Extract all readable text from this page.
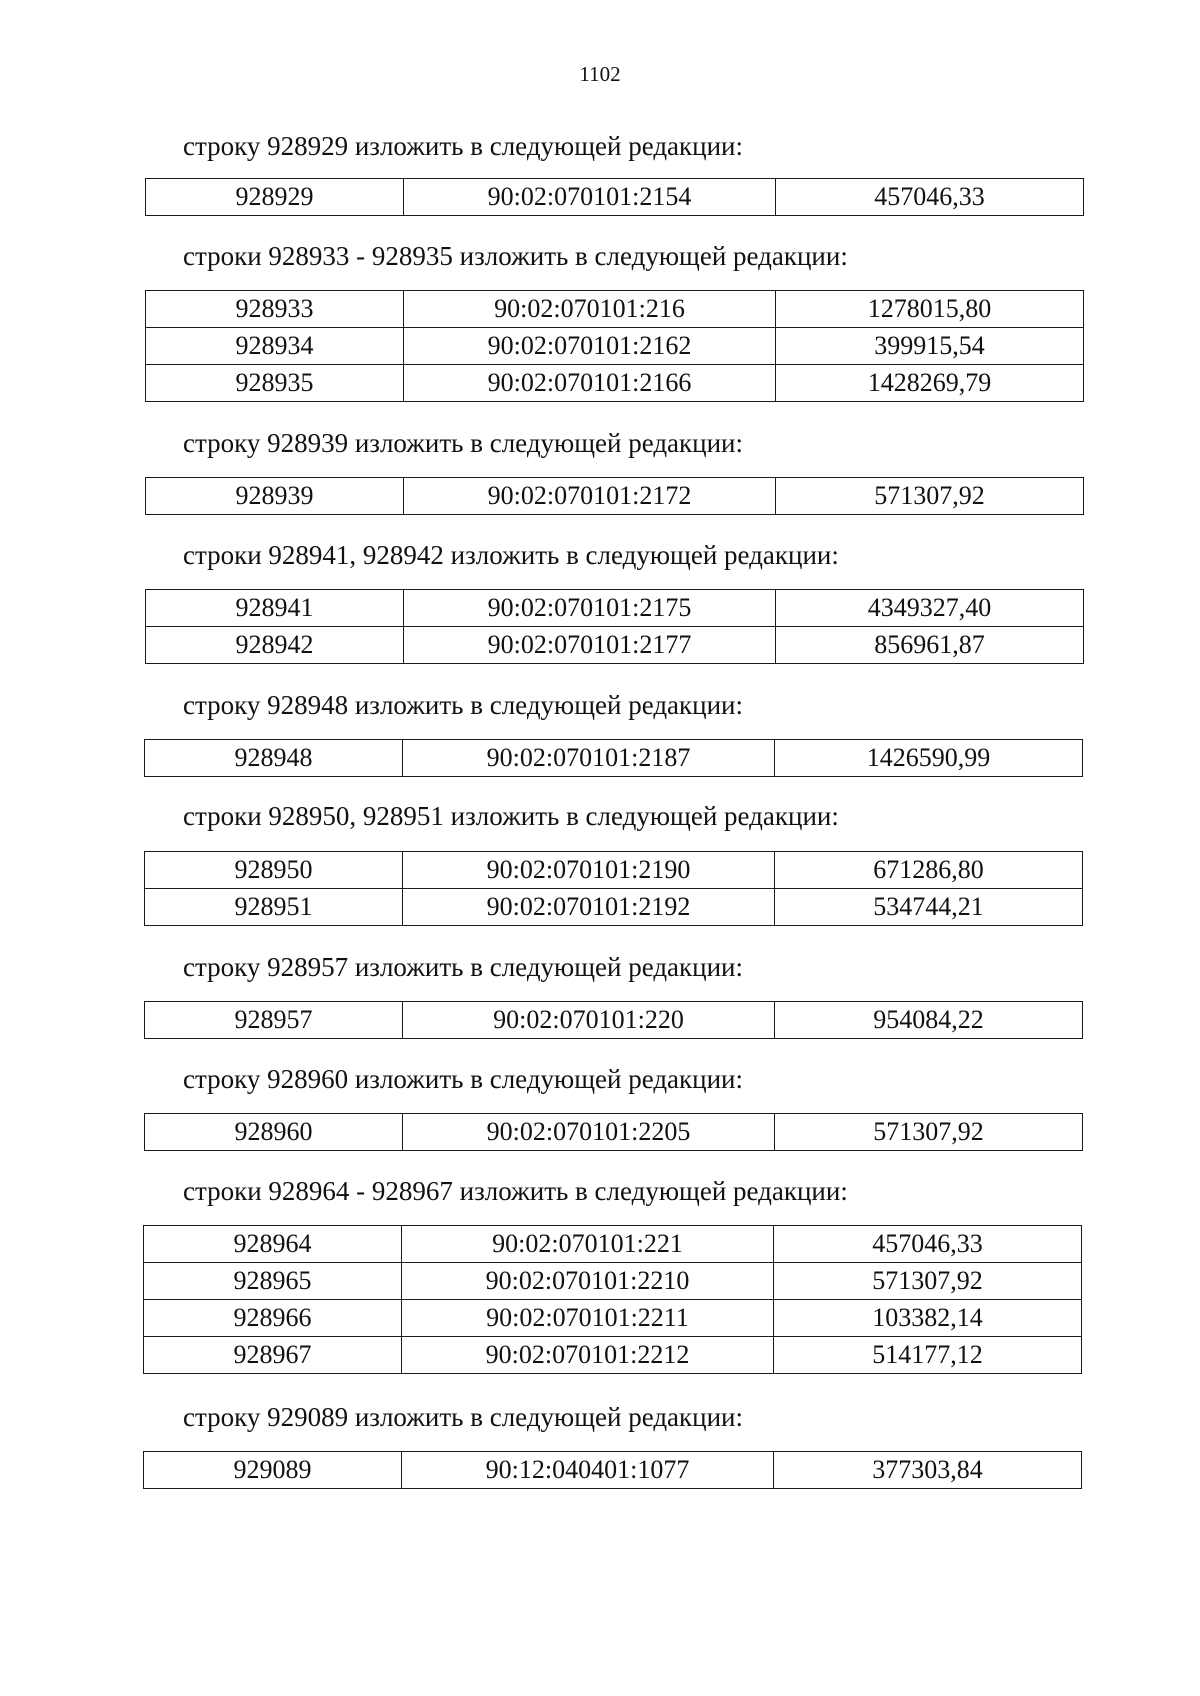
1102
строку 928929 изложить в следующей редакции:
928929	90:02:070101:2154	457046,33
строки 928933 - 928935 изложить в следующей редакции:
928933	90:02:070101:216	1278015,80
928934	90:02:070101:2162	399915,54
928935	90:02:070101:2166	1428269,79
строку 928939 изложить в следующей редакции:
928939	90:02:070101:2172	571307,92
строки 928941, 928942 изложить в следующей редакции:
928941	90:02:070101:2175	4349327,40
928942	90:02:070101:2177	856961,87
строку 928948 изложить в следующей редакции:
928948	90:02:070101:2187	1426590,99
строки 928950, 928951 изложить в следующей редакции:
928950	90:02:070101:2190	671286,80
928951	90:02:070101:2192	534744,21
строку 928957 изложить в следующей редакции:
928957	90:02:070101:220	954084,22
строку 928960 изложить в следующей редакции:
928960	90:02:070101:2205	571307,92
строки 928964 - 928967 изложить в следующей редакции:
928964	90:02:070101:221	457046,33
928965	90:02:070101:2210	571307,92
928966	90:02:070101:2211	103382,14
928967	90:02:070101:2212	514177,12
строку 929089 изложить в следующей редакции:
929089	90:12:040401:1077	377303,84
